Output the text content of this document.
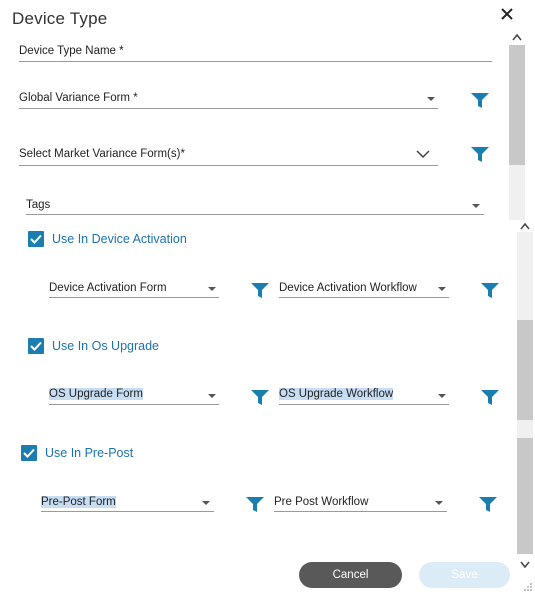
Device Type
Device Type Name *
Global Variance Form *
Select Market Variance Form(s)*
Tags
Use In Device Activation
Device Activation Form	Device Activation Workflow
Use In Os Upgrade
OS Upgrade Form	OS Upgrade Workflow
Use In Pre-Post
Pre-Post Form	Pre Post Workflow
Cancel	Save
